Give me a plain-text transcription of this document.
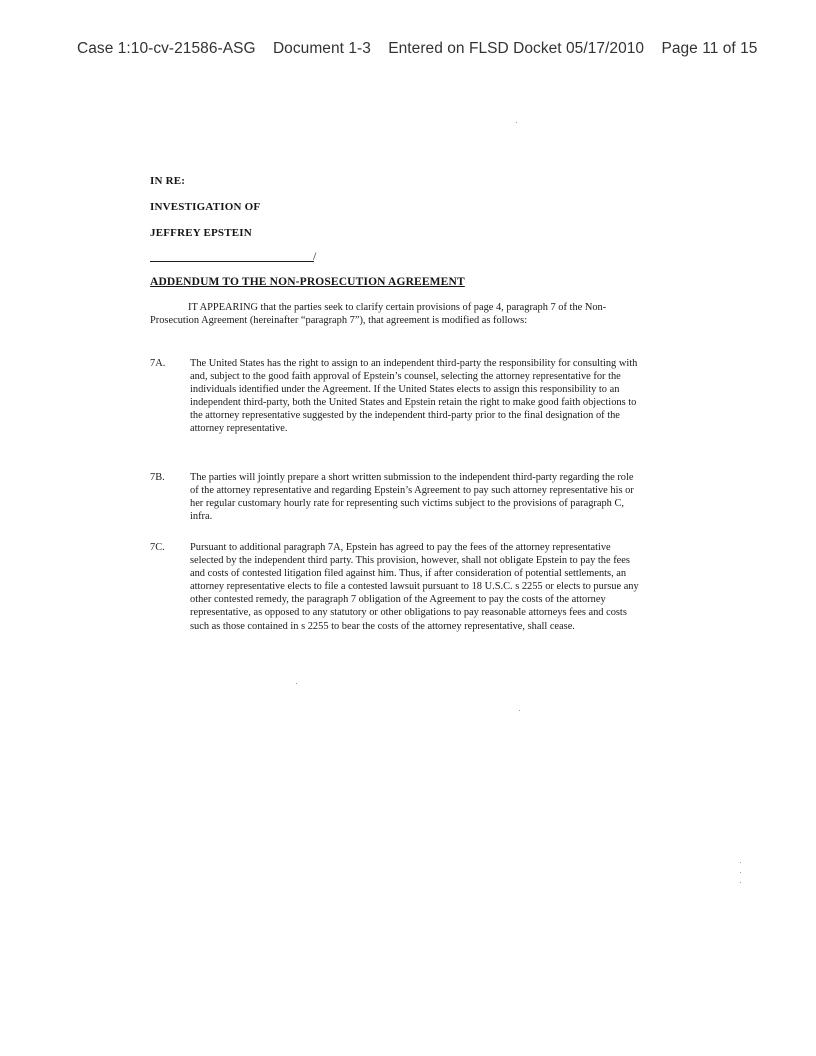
Case 1:10-cv-21586-ASG Document 1-3 Entered on FLSD Docket 05/17/2010 Page 11 of 15
IN RE:
INVESTIGATION OF
JEFFREY EPSTEIN
/
ADDENDUM TO THE NON-PROSECUTION AGREEMENT
IT APPEARING that the parties seek to clarify certain provisions of page 4, paragraph 7 of the Non-Prosecution Agreement (hereinafter “paragraph 7”), that agreement is modified as follows:
7A. The United States has the right to assign to an independent third-party the responsibility for consulting with and, subject to the good faith approval of Epstein’s counsel, selecting the attorney representative for the individuals identified under the Agreement. If the United States elects to assign this responsibility to an independent third-party, both the United States and Epstein retain the right to make good faith objections to the attorney representative suggested by the independent third-party prior to the final designation of the attorney representative.
7B. The parties will jointly prepare a short written submission to the independent third-party regarding the role of the attorney representative and regarding Epstein’s Agreement to pay such attorney representative his or her regular customary hourly rate for representing such victims subject to the provisions of paragraph C, infra.
7C. Pursuant to additional paragraph 7A, Epstein has agreed to pay the fees of the attorney representative selected by the independent third party. This provision, however, shall not obligate Epstein to pay the fees and costs of contested litigation filed against him. Thus, if after consideration of potential settlements, an attorney representative elects to file a contested lawsuit pursuant to 18 U.S.C. s 2255 or elects to pursue any other contested remedy, the paragraph 7 obligation of the Agreement to pay the costs of the attorney representative, as opposed to any statutory or other obligations to pay reasonable attorneys fees and costs such as those contained in s 2255 to bear the costs of the attorney representative, shall cease.
